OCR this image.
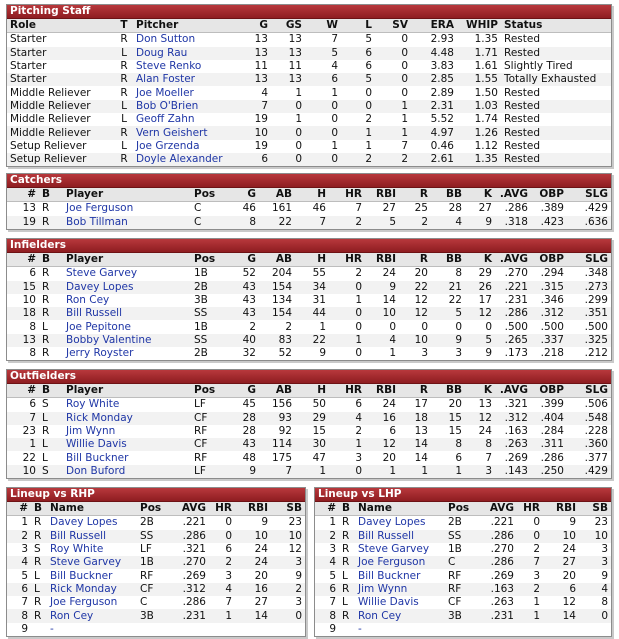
Pitching Staff
Role	T	Pitcher	G	GS	W	L	SV	ERA	WHIP	Status
Starter	R	Don Sutton	13	13	7	5	0	2.93	1.35	Rested
Starter	L	Doug Rau	13	13	5	6	0	4.48	1.71	Rested
Starter	R	Steve Renko	11	11	4	6	0	3.83	1.61	Slightly Tired
Starter	R	Alan Foster	13	13	6	5	0	2.85	1.55	Totally Exhausted
Middle Reliever	R	Joe Moeller	4	1	1	0	0	2.89	1.50	Rested
Middle Reliever	L	Bob O'Brien	7	0	0	0	1	2.31	1.03	Rested
Middle Reliever	L	Geoff Zahn	19	1	0	2	1	5.52	1.74	Rested
Middle Reliever	R	Vern Geishert	10	0	0	1	1	4.97	1.26	Rested
Setup Reliever	L	Joe Grzenda	19	0	1	1	7	0.46	1.12	Rested
Setup Reliever	R	Doyle Alexander	6	0	0	2	2	2.61	1.35	Rested
Catchers
#	B	Player	Pos	G	AB	H	HR	RBI	R	BB	K	.AVG	OBP	SLG
13	R	Joe Ferguson	C	46	161	46	7	27	25	28	27	.286	.389	.429
19	R	Bob Tillman	C	8	22	7	2	5	2	4	9	.318	.423	.636
Infielders
#	B	Player	Pos	G	AB	H	HR	RBI	R	BB	K	.AVG	OBP	SLG
6	R	Steve Garvey	1B	52	204	55	2	24	20	8	29	.270	.294	.348
15	R	Davey Lopes	2B	43	154	34	0	9	22	21	26	.221	.315	.273
10	R	Ron Cey	3B	43	134	31	1	14	12	22	17	.231	.346	.299
18	R	Bill Russell	SS	43	154	44	0	10	12	5	12	.286	.312	.351
8	L	Joe Pepitone	1B	2	2	1	0	0	0	0	0	.500	.500	.500
13	R	Bobby Valentine	SS	40	83	22	1	4	10	9	5	.265	.337	.325
8	R	Jerry Royster	2B	32	52	9	0	1	3	3	9	.173	.218	.212
Outfielders
#	B	Player	Pos	G	AB	H	HR	RBI	R	BB	K	.AVG	OBP	SLG
6	S	Roy White	LF	45	156	50	6	24	17	20	13	.321	.399	.506
7	L	Rick Monday	CF	28	93	29	4	16	18	15	12	.312	.404	.548
23	R	Jim Wynn	RF	28	92	15	2	6	13	15	24	.163	.284	.228
1	L	Willie Davis	CF	43	114	30	1	12	14	8	8	.263	.311	.360
22	L	Bill Buckner	RF	48	175	47	3	20	14	6	7	.269	.286	.377
10	S	Don Buford	LF	9	7	1	0	1	1	1	3	.143	.250	.429
Lineup vs RHP
#	B	Name	Pos	AVG	HR	RBI	SB
1	R	Davey Lopes	2B	.221	0	9	23
2	R	Bill Russell	SS	.286	0	10	10
3	S	Roy White	LF	.321	6	24	12
4	R	Steve Garvey	1B	.270	2	24	3
5	L	Bill Buckner	RF	.269	3	20	9
6	L	Rick Monday	CF	.312	4	16	2
7	R	Joe Ferguson	C	.286	7	27	3
8	R	Ron Cey	3B	.231	1	14	0
9		-					
Lineup vs LHP
#	B	Name	Pos	AVG	HR	RBI	SB
1	R	Davey Lopes	2B	.221	0	9	23
2	R	Bill Russell	SS	.286	0	10	10
3	R	Steve Garvey	1B	.270	2	24	3
4	R	Joe Ferguson	C	.286	7	27	3
5	L	Bill Buckner	RF	.269	3	20	9
6	R	Jim Wynn	RF	.163	2	6	4
7	L	Willie Davis	CF	.263	1	12	8
8	R	Ron Cey	3B	.231	1	14	0
9		-					
